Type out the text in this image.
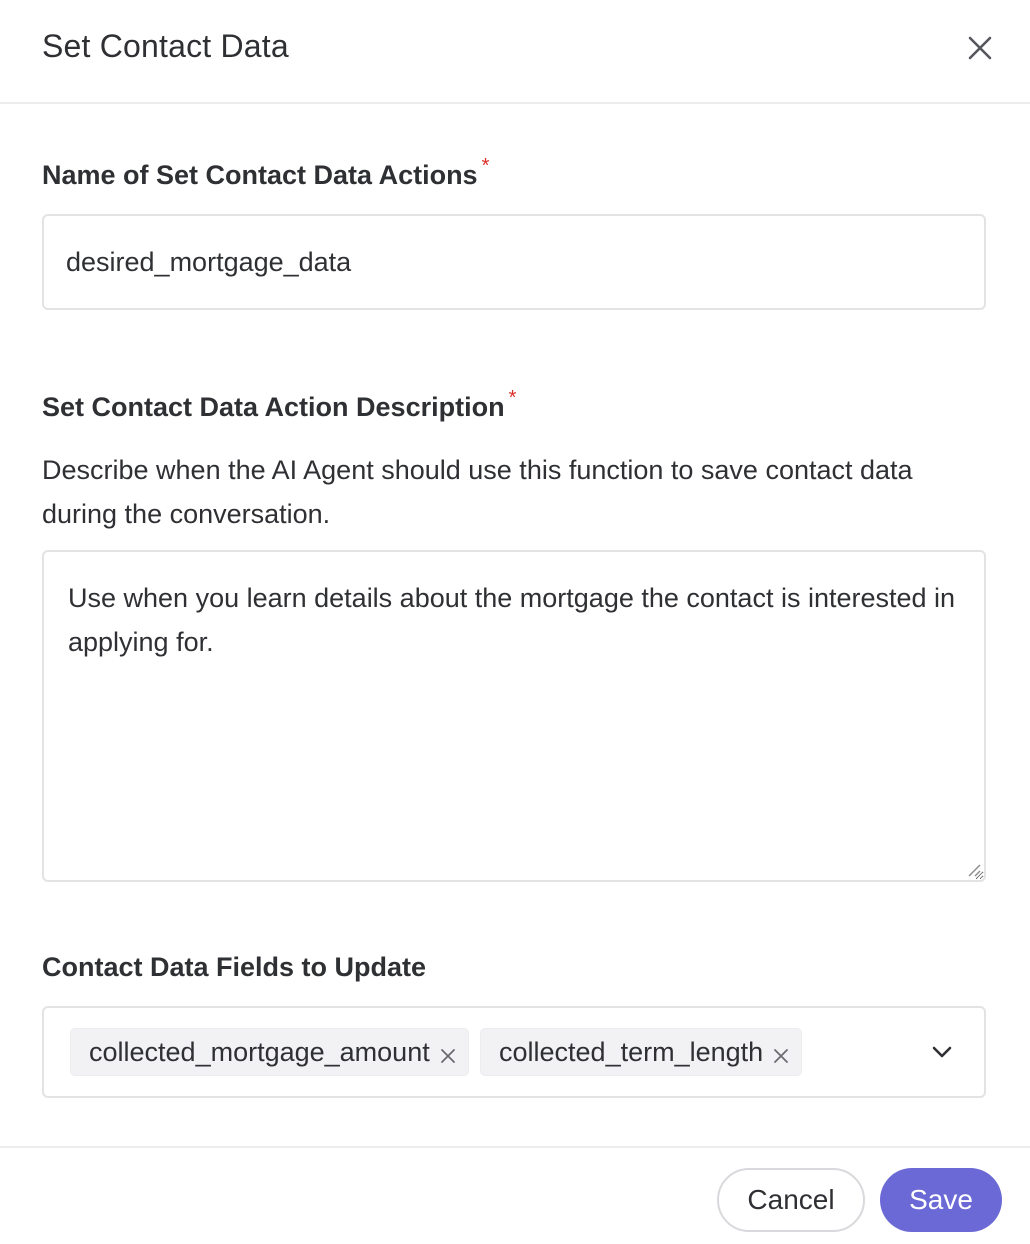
Set Contact Data
Name of Set Contact Data Actions *
desired_mortgage_data
Set Contact Data Action Description *
Describe when the AI Agent should use this function to save contact data during the conversation.
Use when you learn details about the mortgage the contact is interested in applying for.
Contact Data Fields to Update
collected_mortgage_amount	collected_term_length
Cancel	Save
